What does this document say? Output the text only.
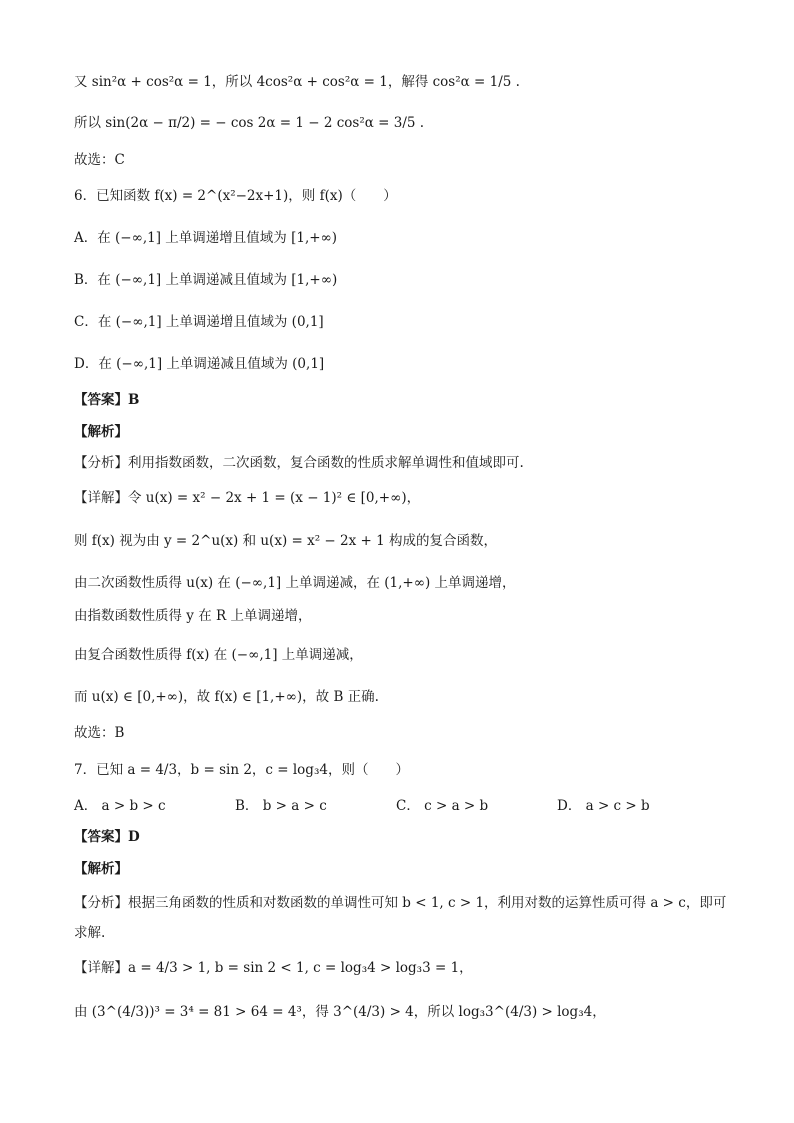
又 sin²α + cos²α = 1，所以 4cos²α + cos²α = 1，解得 cos²α = 1/5 .
所以 sin(2α − π/2) = − cos 2α = 1 − 2 cos²α = 3/5 .
故选：C
6．已知函数 f(x) = 2^(x²−2x+1)，则 f(x)（　　）
A．在 (−∞,1] 上单调递增且值域为 [1,+∞)
B．在 (−∞,1] 上单调递减且值域为 [1,+∞)
C．在 (−∞,1] 上单调递增且值域为 (0,1]
D．在 (−∞,1] 上单调递减且值域为 (0,1]
【答案】B
【解析】
【分析】利用指数函数，二次函数，复合函数的性质求解单调性和值域即可.
【详解】令 u(x) = x² − 2x + 1 = (x − 1)² ∈ [0,+∞)，
则 f(x) 视为由 y = 2^u(x) 和 u(x) = x² − 2x + 1 构成的复合函数，
由二次函数性质得 u(x) 在 (−∞,1] 上单调递减，在 (1,+∞) 上单调递增，
由指数函数性质得 y 在 R 上单调递增，
由复合函数性质得 f(x) 在 (−∞,1] 上单调递减，
而 u(x) ∈ [0,+∞)，故 f(x) ∈ [1,+∞)，故 B 正确.
故选：B
7．已知 a = 4/3，b = sin 2，c = log₃4，则（　　）
A． a > b > c	B． b > a > c	C． c > a > b	D． a > c > b
【答案】D
【解析】
【分析】根据三角函数的性质和对数函数的单调性可知 b < 1, c > 1，利用对数的运算性质可得 a > c，即可求解.
【详解】a = 4/3 > 1, b = sin 2 < 1, c = log₃4 > log₃3 = 1，
由 (3^(4/3))³ = 3⁴ = 81 > 64 = 4³，得 3^(4/3) > 4，所以 log₃3^(4/3) > log₃4，
